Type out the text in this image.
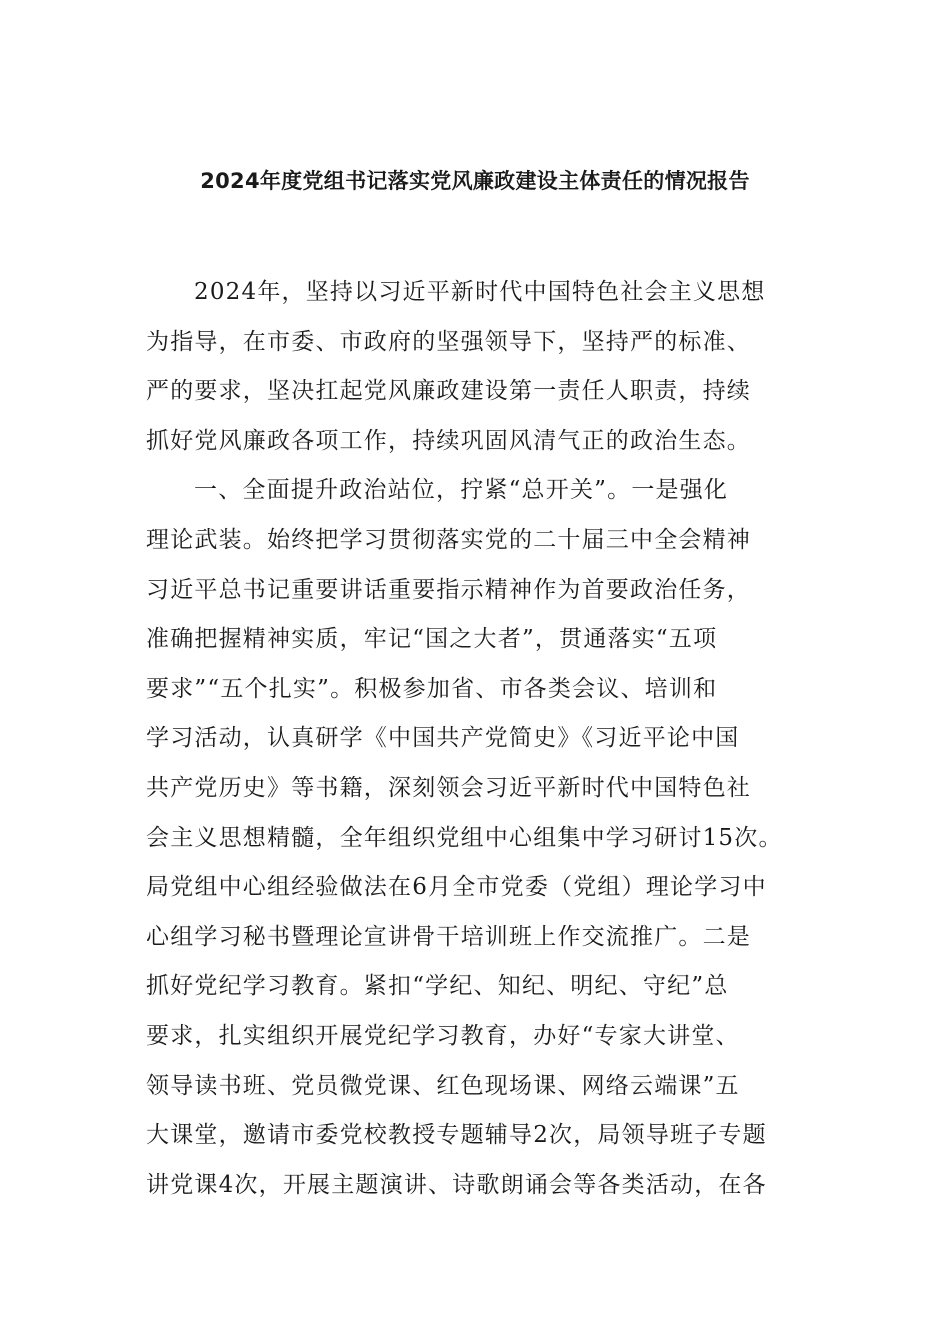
2024年度党组书记落实党风廉政建设主体责任的情况报告
2024年，坚持以习近平新时代中国特色社会主义思想
为指导，在市委、市政府的坚强领导下，坚持严的标准、
严的要求，坚决扛起党风廉政建设第一责任人职责，持续
抓好党风廉政各项工作，持续巩固风清气正的政治生态。
一、全面提升政治站位，拧紧“总开关”。一是强化
理论武装。始终把学习贯彻落实党的二十届三中全会精神
习近平总书记重要讲话重要指示精神作为首要政治任务，
准确把握精神实质，牢记“国之大者”，贯通落实“五项
要求”“五个扎实”。积极参加省、市各类会议、培训和
学习活动，认真研学《中国共产党简史》《习近平论中国
共产党历史》等书籍，深刻领会习近平新时代中国特色社
会主义思想精髓，全年组织党组中心组集中学习研讨15次。
局党组中心组经验做法在6月全市党委（党组）理论学习中
心组学习秘书暨理论宣讲骨干培训班上作交流推广。二是
抓好党纪学习教育。紧扣“学纪、知纪、明纪、守纪”总
要求，扎实组织开展党纪学习教育，办好“专家大讲堂、
领导读书班、党员微党课、红色现场课、网络云端课”五
大课堂，邀请市委党校教授专题辅导2次，局领导班子专题
讲党课4次，开展主题演讲、诗歌朗诵会等各类活动，在各
